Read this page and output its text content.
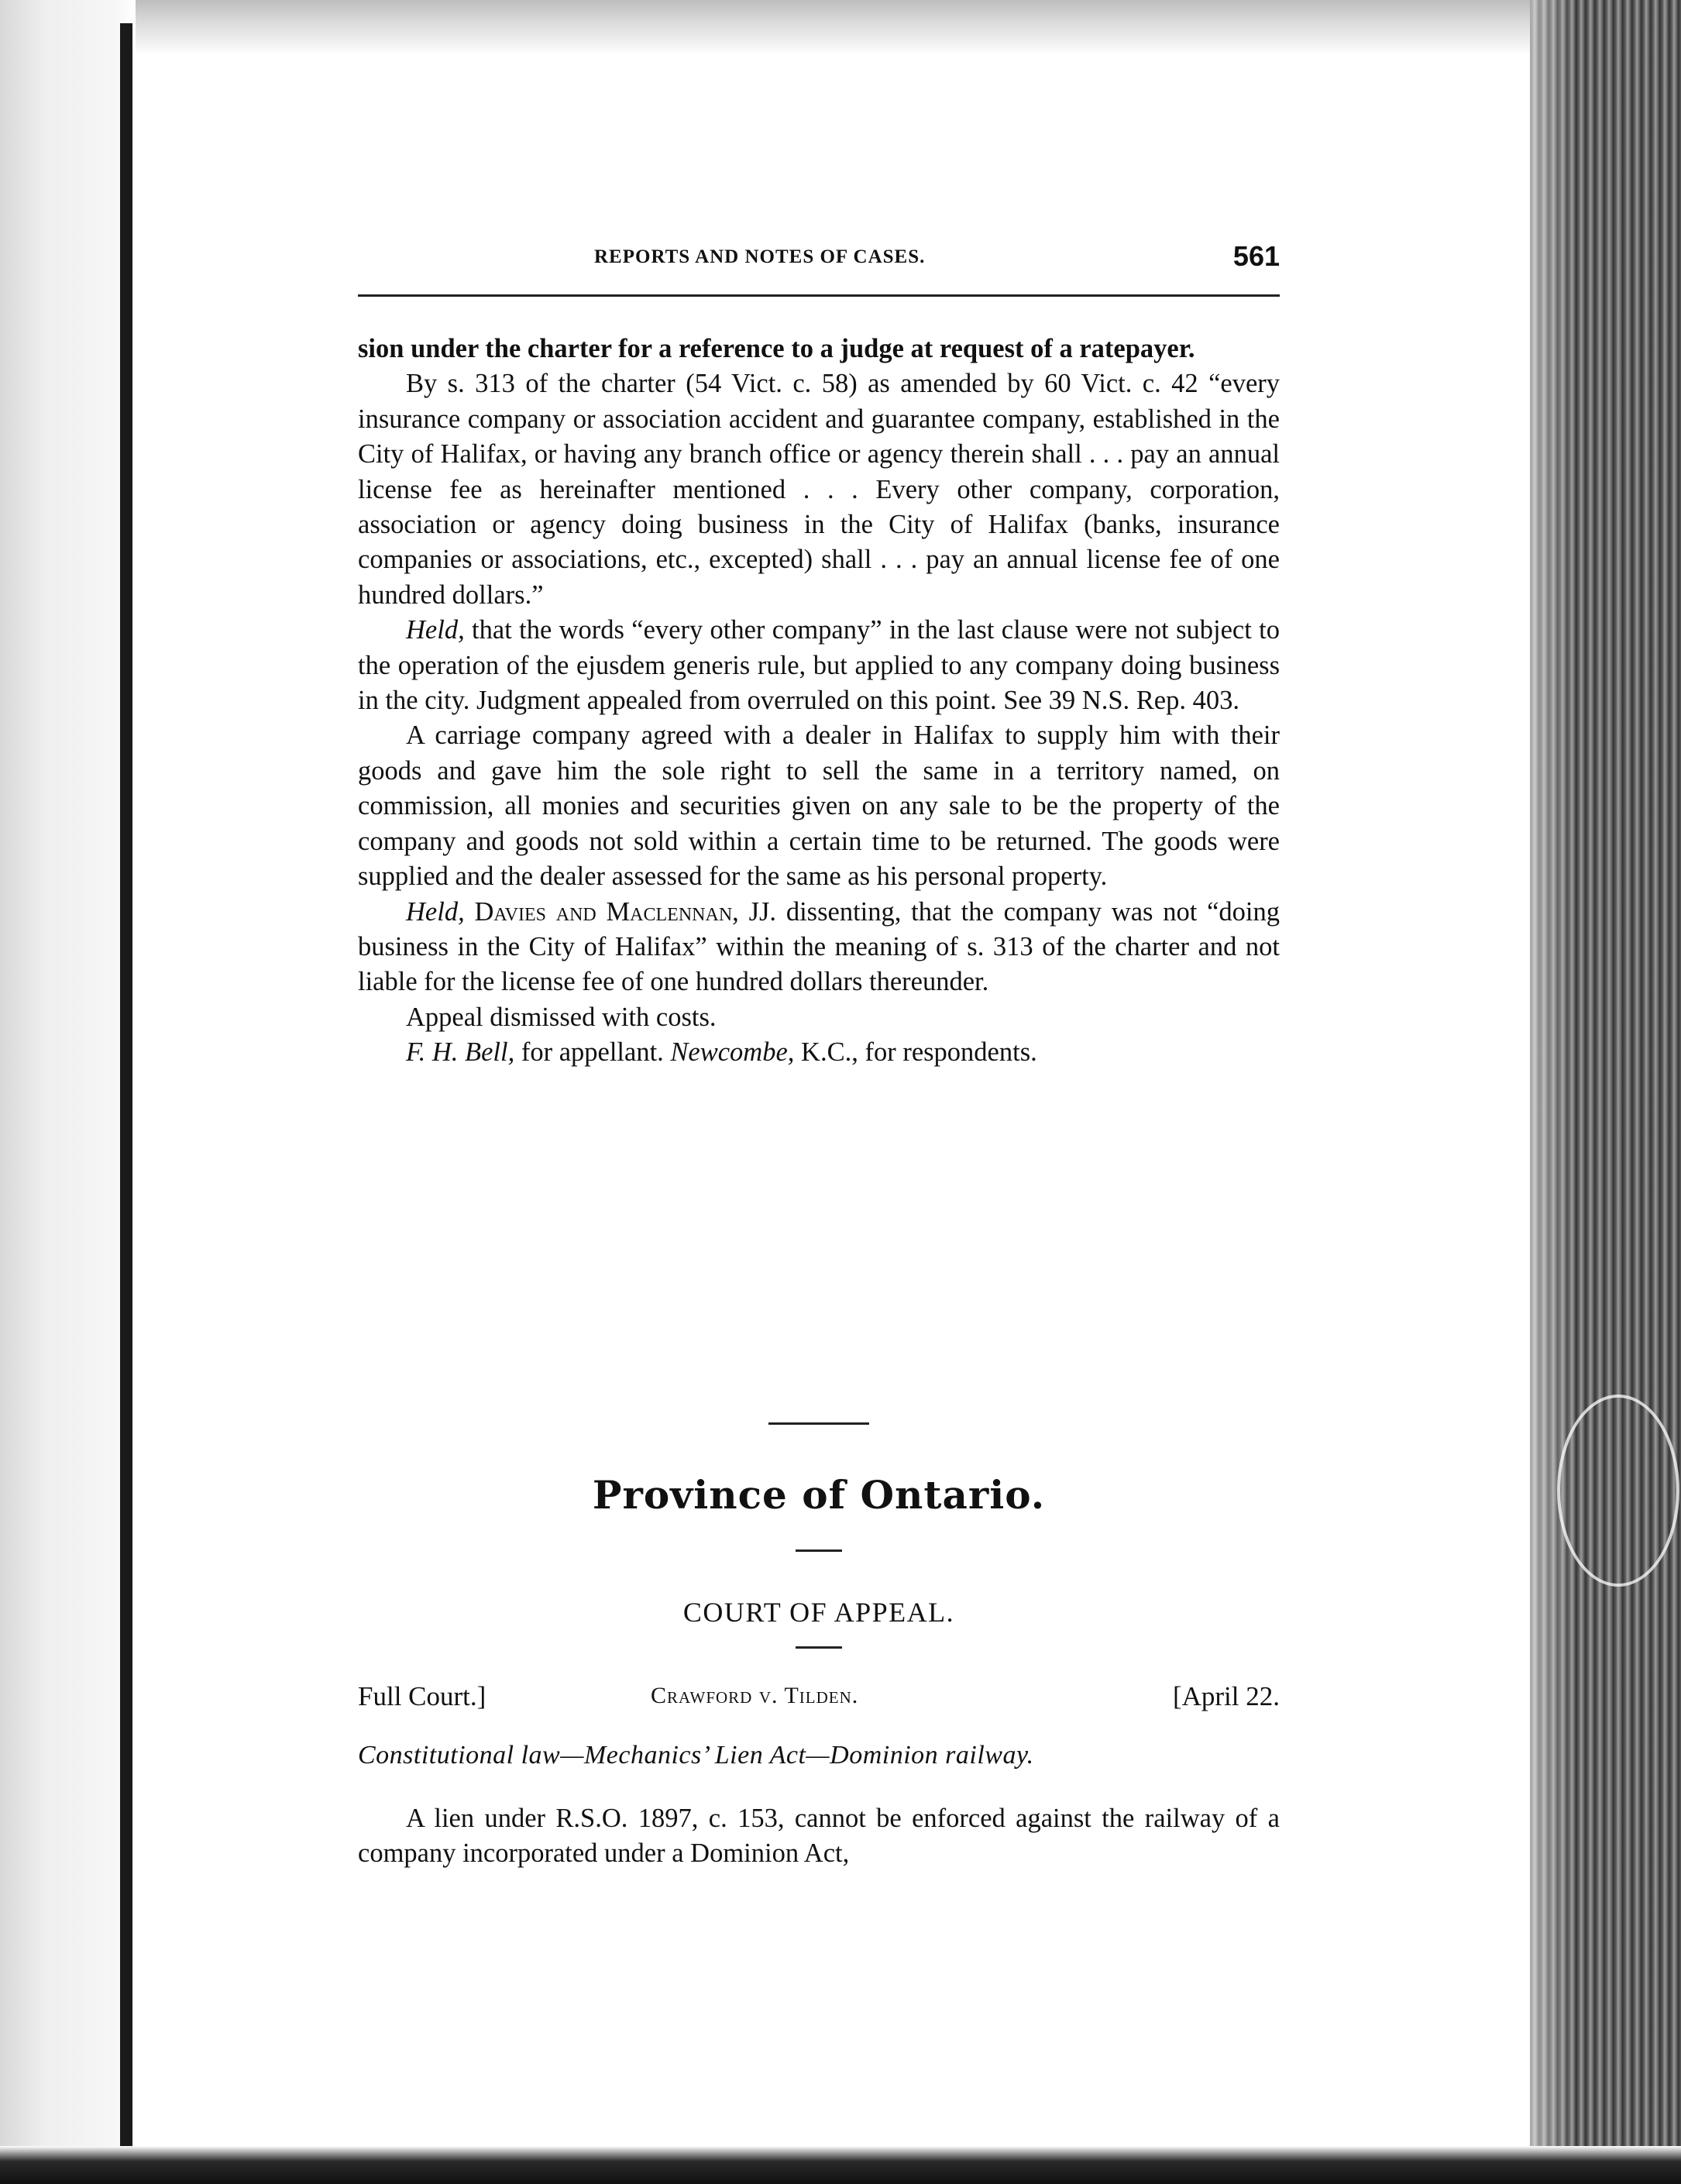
REPORTS AND NOTES OF CASES.	561

sion under the charter for a reference to a judge at request of a ratepayer.

By s. 313 of the charter (54 Vict. c. 58) as amended by 60 Vict. c. 42 “every insurance company or association accident and guarantee company, established in the City of Halifax, or having any branch office or agency therein shall . . . pay an annual license fee as hereinafter mentioned . . . Every other company, corporation, association or agency doing business in the City of Halifax (banks, insurance companies or associations, etc., excepted) shall . . . pay an annual license fee of one hundred dollars.”

Held, that the words “every other company” in the last clause were not subject to the operation of the ejusdem generis rule, but applied to any company doing business in the city. Judgment appealed from overruled on this point. See 39 N.S. Rep. 403.

A carriage company agreed with a dealer in Halifax to supply him with their goods and gave him the sole right to sell the same in a territory named, on commission, all monies and securities given on any sale to be the property of the company and goods not sold within a certain time to be returned. The goods were supplied and the dealer assessed for the same as his personal property.

Held, Davies and Maclennan, JJ. dissenting, that the company was not “doing business in the City of Halifax” within the meaning of s. 313 of the charter and not liable for the license fee of one hundred dollars thereunder.

Appeal dismissed with costs.

F. H. Bell, for appellant. Newcombe, K.C., for respondents.

Province of Ontario.
COURT OF APPEAL.
Full Court.]	Crawford v. Tilden.	[April 22.
Constitutional law—Mechanics’ Lien Act—Dominion railway.

A lien under R.S.O. 1897, c. 153, cannot be enforced against the railway of a company incorporated under a Dominion Act,
